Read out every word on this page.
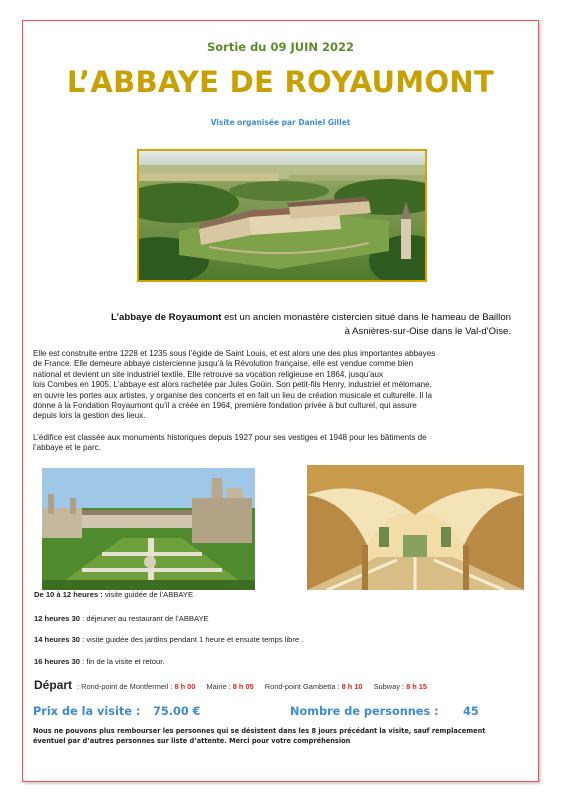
Sortie du 09 JUIN 2022
L’ABBAYE DE ROYAUMONT
Visite organisée par Daniel Gillet
L’abbaye de Royaumont est un ancien monastère cistercien situé dans le hameau de Baillon
à Asnières-sur-Oise dans le Val-d'Oise.
Elle est construite entre 1228 et 1235 sous l’égide de Saint Louis, et est alors une des plus importantes abbayes
de France. Elle demeure abbaye cistercienne jusqu’à la Révolution française, elle est vendue comme bien
national et devient un site industriel textile. Elle retrouve sa vocation religieuse en 1864, jusqu’aux
lois Combes en 1905. L’abbaye est alors rachetée par Jules Goüin. Son petit-fils Henry, industriel et mélomane,
en ouvre les portes aux artistes, y organise des concerts et en fait un lieu de création musicale et culturelle. Il la
donne à la Fondation Royaumont qu’il a créée en 1964, première fondation privée à but culturel, qui assure
depuis lors la gestion des lieux.
L’édifice est classée aux monuments historiques depuis 1927 pour ses vestiges et 1948 pour les bâtiments de
l’abbaye et le parc.
De 10 à 12 heures : visite guidée de l’ABBAYE
12 heures 30 : déjeuner au restaurant de l’ABBAYE
14 heures 30 : visite guidée des jardins pendant 1 heure et ensuite temps libre .
16 heures 30 : fin de la visite et retour.
Départ : Rond-point de Montfermeil : 8 h 00 Mairie : 8 h 05 Rond-point Gambetta : 8 h 10 Subway : 8 h 15
Prix de la visite : 75.00 €	Nombre de personnes : 45
Nous ne pouvons plus rembourser les personnes qui se désistent dans les 8 jours précédant la visite, sauf remplacement
éventuel par d’autres personnes sur liste d’attente. Merci pour votre compréhension
